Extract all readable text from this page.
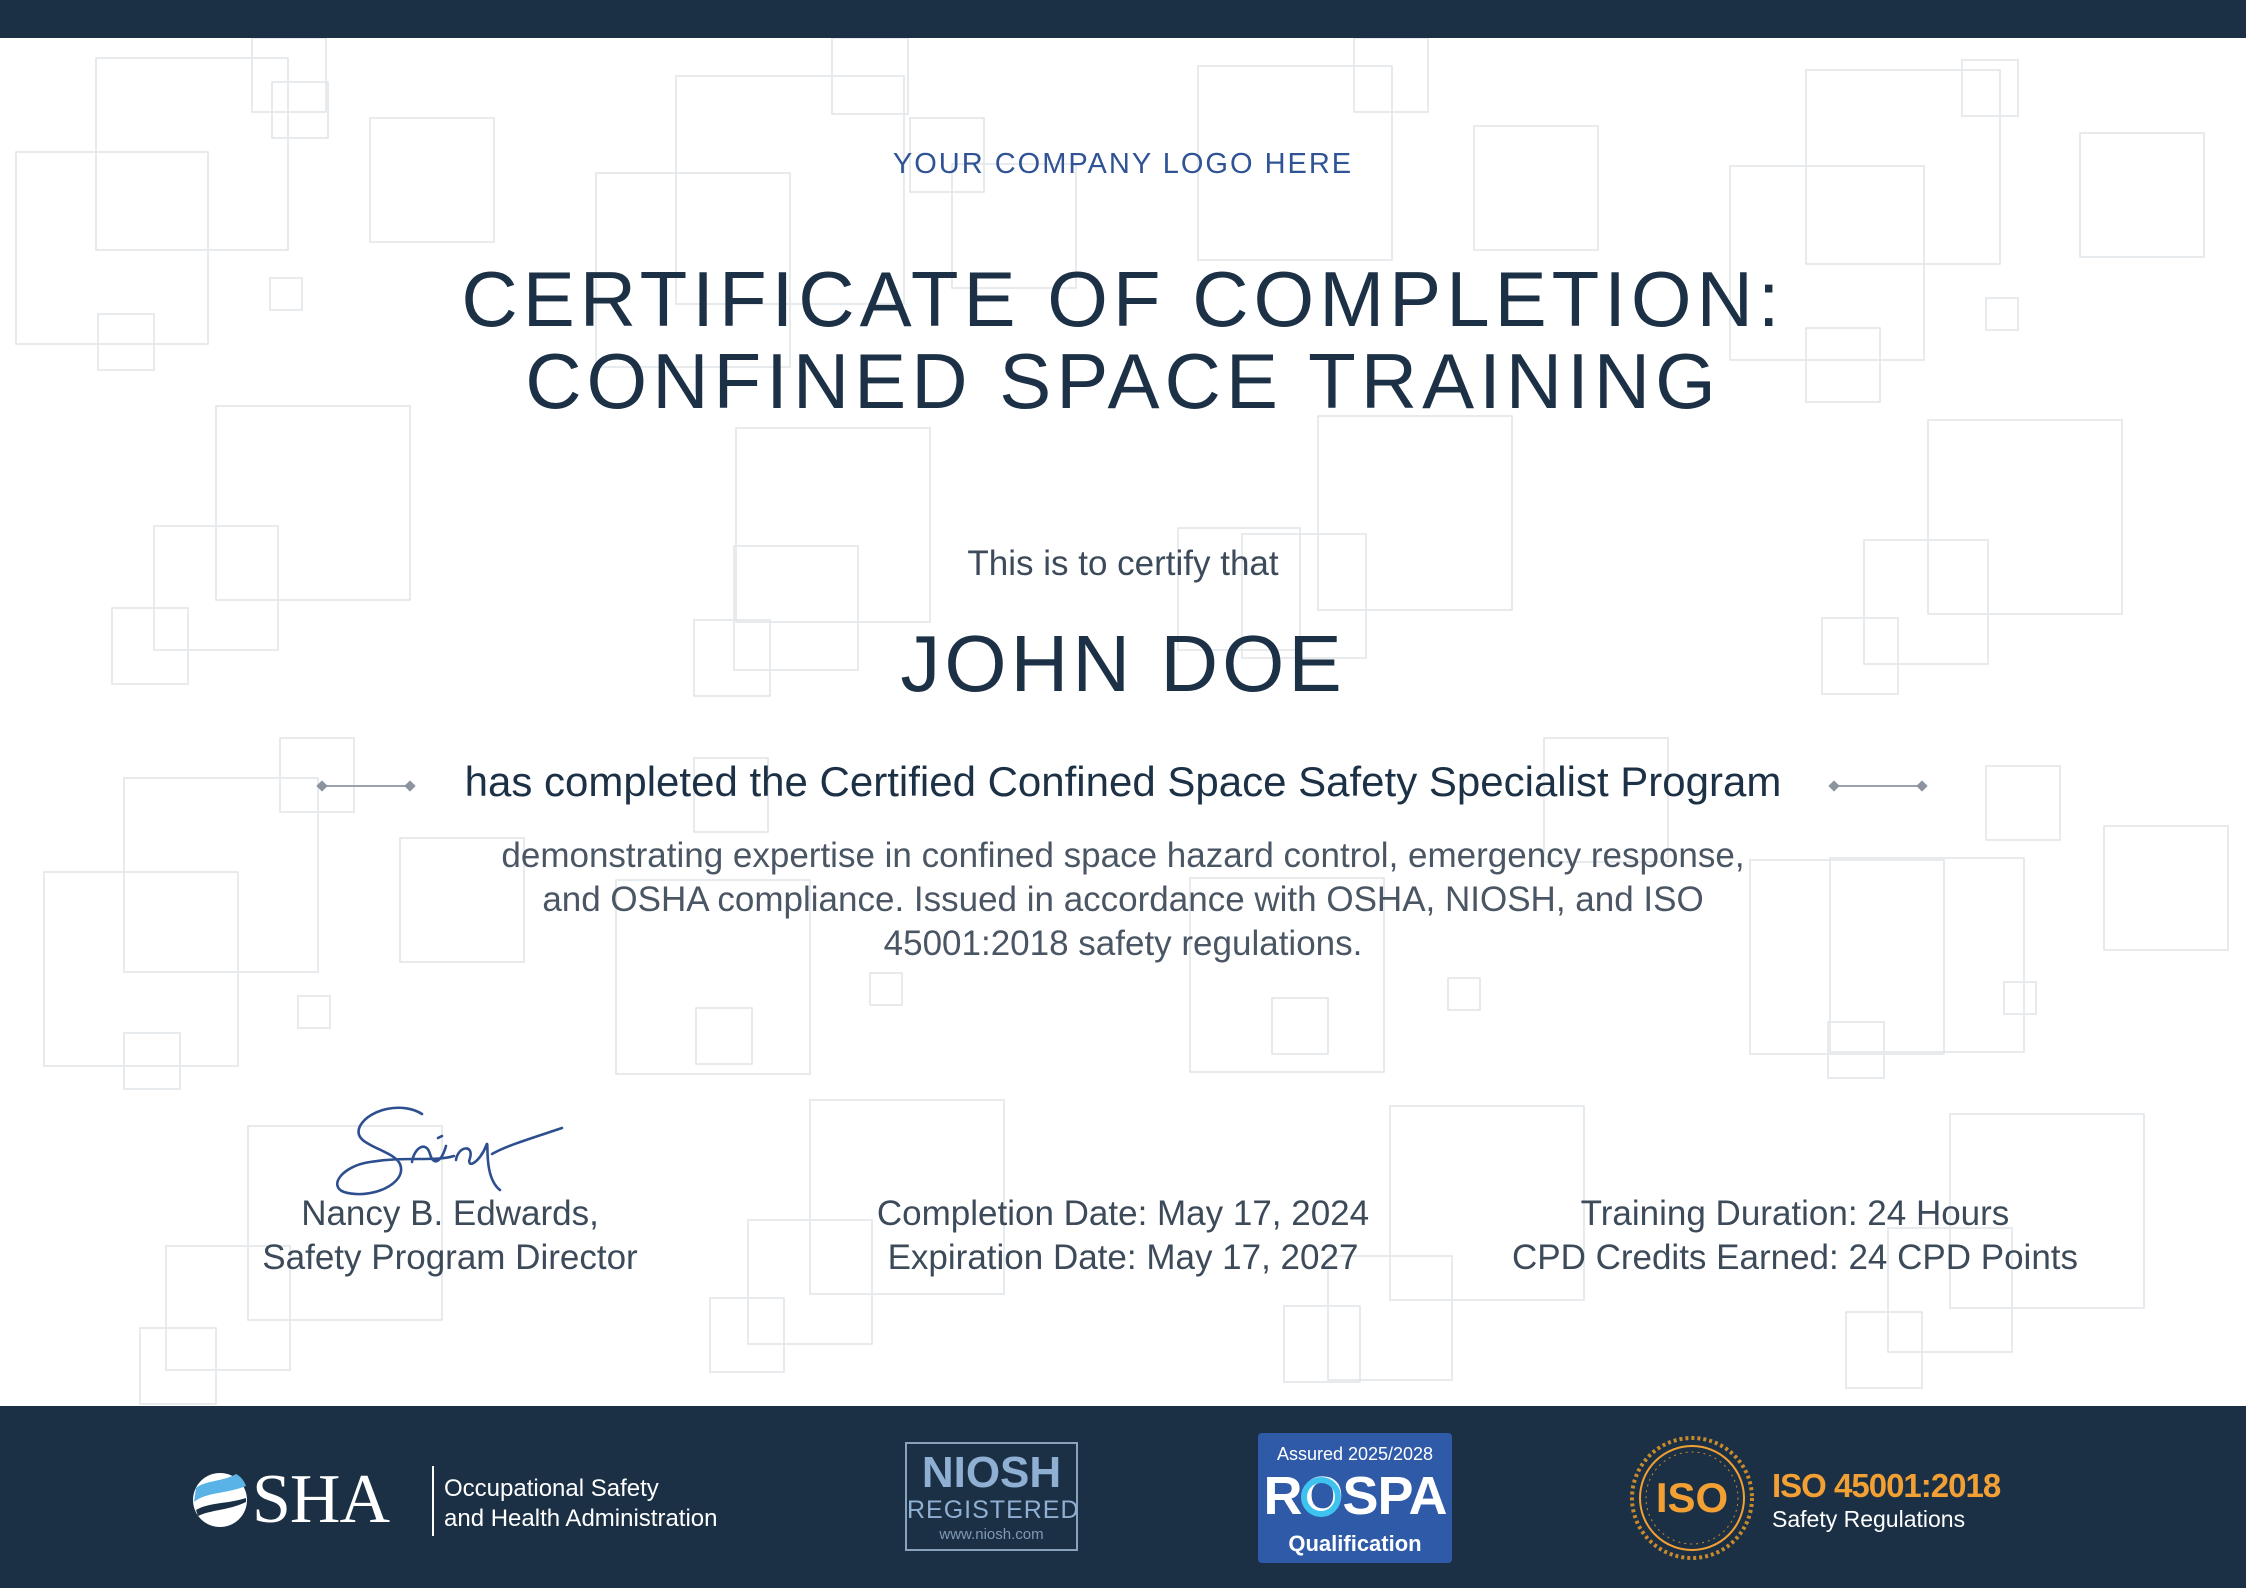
YOUR COMPANY LOGO HERE
CERTIFICATE OF COMPLETION:
CONFINED SPACE TRAINING
This is to certify that
JOHN DOE
has completed the Certified Confined Space Safety Specialist Program
demonstrating expertise in confined space hazard control, emergency response,
and OSHA compliance. Issued in accordance with OSHA, NIOSH, and ISO
45001:2018 safety regulations.
Nancy B. Edwards,
Safety Program Director
Completion Date: May 17, 2024
Expiration Date: May 17, 2027
Training Duration: 24 Hours
CPD Credits Earned: 24 CPD Points
SHA Occupational Safety
and Health Administration
NIOSH
REGISTERED
www.niosh.com
Assured 2025/2028
ROSPA
Qualification
ISO ISO 45001:2018
Safety Regulations
